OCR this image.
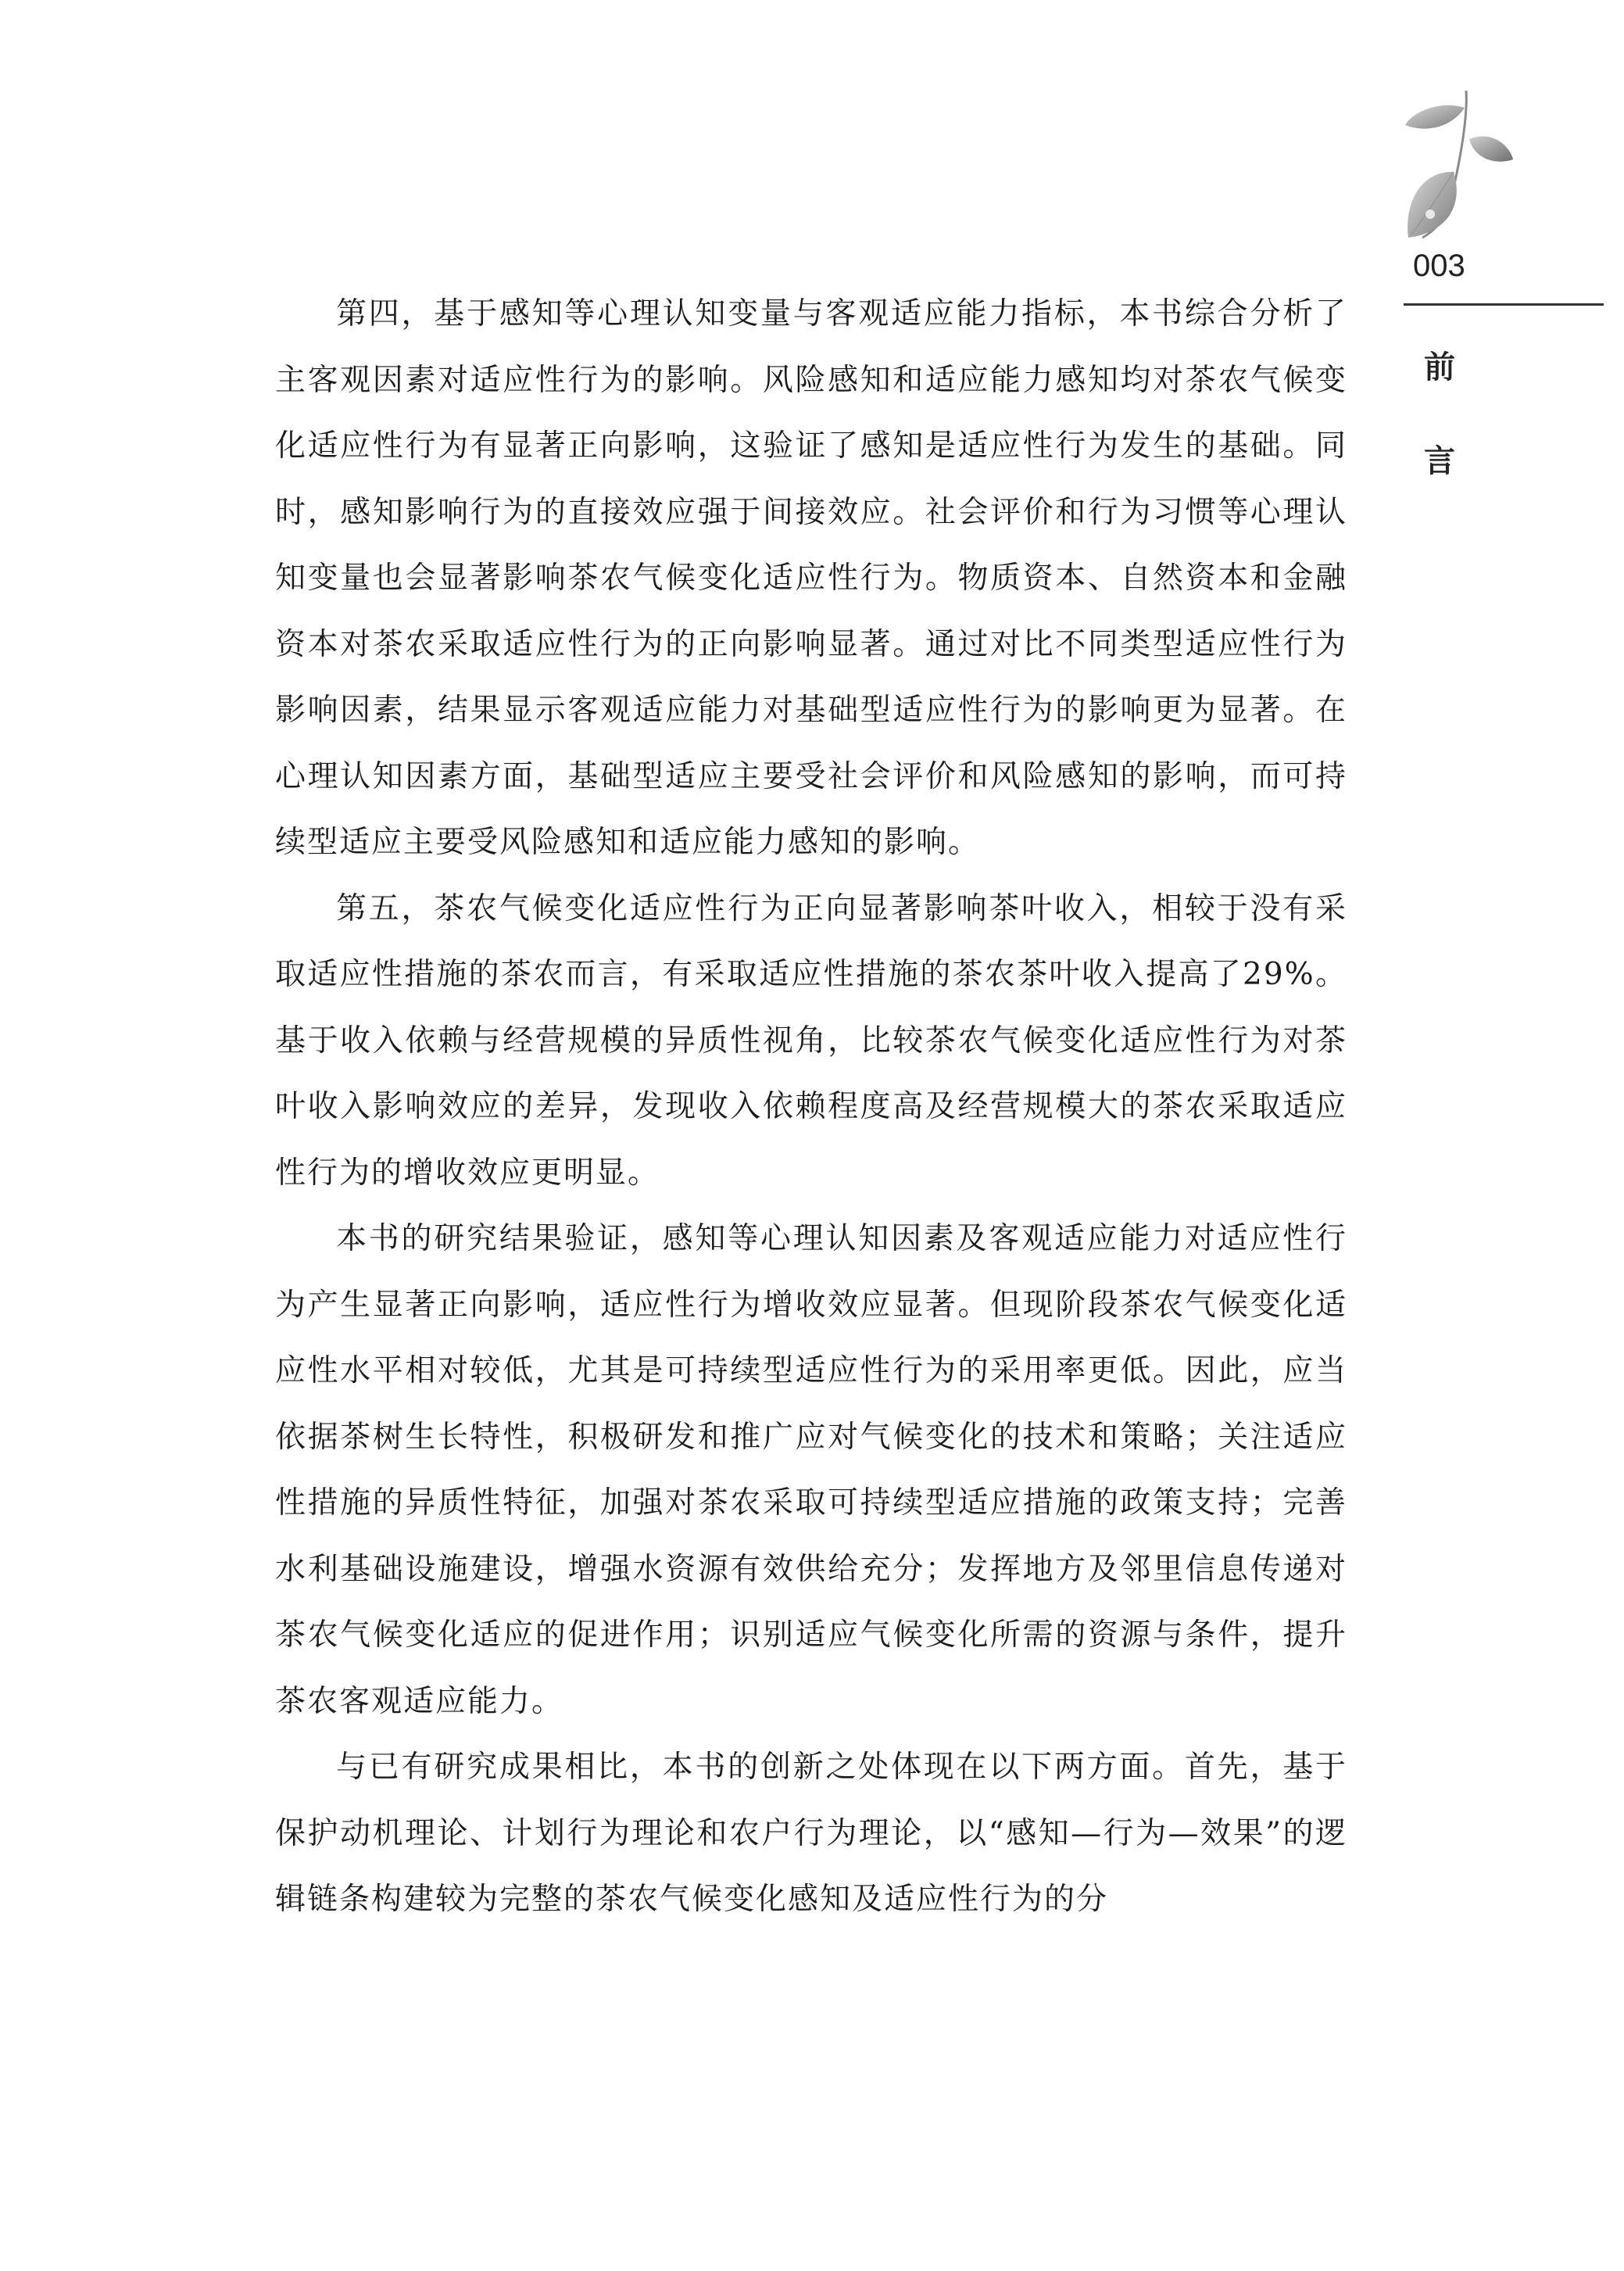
003
前言

第四，基于感知等心理认知变量与客观适应能力指标，本书综合分析了主客观因素对适应性行为的影响。风险感知和适应能力感知均对茶农气候变化适应性行为有显著正向影响，这验证了感知是适应性行为发生的基础。同时，感知影响行为的直接效应强于间接效应。社会评价和行为习惯等心理认知变量也会显著影响茶农气候变化适应性行为。物质资本、自然资本和金融资本对茶农采取适应性行为的正向影响显著。通过对比不同类型适应性行为影响因素，结果显示客观适应能力对基础型适应性行为的影响更为显著。在心理认知因素方面，基础型适应主要受社会评价和风险感知的影响，而可持续型适应主要受风险感知和适应能力感知的影响。

第五，茶农气候变化适应性行为正向显著影响茶叶收入，相较于没有采取适应性措施的茶农而言，有采取适应性措施的茶农茶叶收入提高了29%。基于收入依赖与经营规模的异质性视角，比较茶农气候变化适应性行为对茶叶收入影响效应的差异，发现收入依赖程度高及经营规模大的茶农采取适应性行为的增收效应更明显。

本书的研究结果验证，感知等心理认知因素及客观适应能力对适应性行为产生显著正向影响，适应性行为增收效应显著。但现阶段茶农气候变化适应性水平相对较低，尤其是可持续型适应性行为的采用率更低。因此，应当依据茶树生长特性，积极研发和推广应对气候变化的技术和策略；关注适应性措施的异质性特征，加强对茶农采取可持续型适应措施的政策支持；完善水利基础设施建设，增强水资源有效供给充分；发挥地方及邻里信息传递对茶农气候变化适应的促进作用；识别适应气候变化所需的资源与条件，提升茶农客观适应能力。

与已有研究成果相比，本书的创新之处体现在以下两方面。首先，基于保护动机理论、计划行为理论和农户行为理论，以“感知—行为—效果”的逻辑链条构建较为完整的茶农气候变化感知及适应性行为的分
